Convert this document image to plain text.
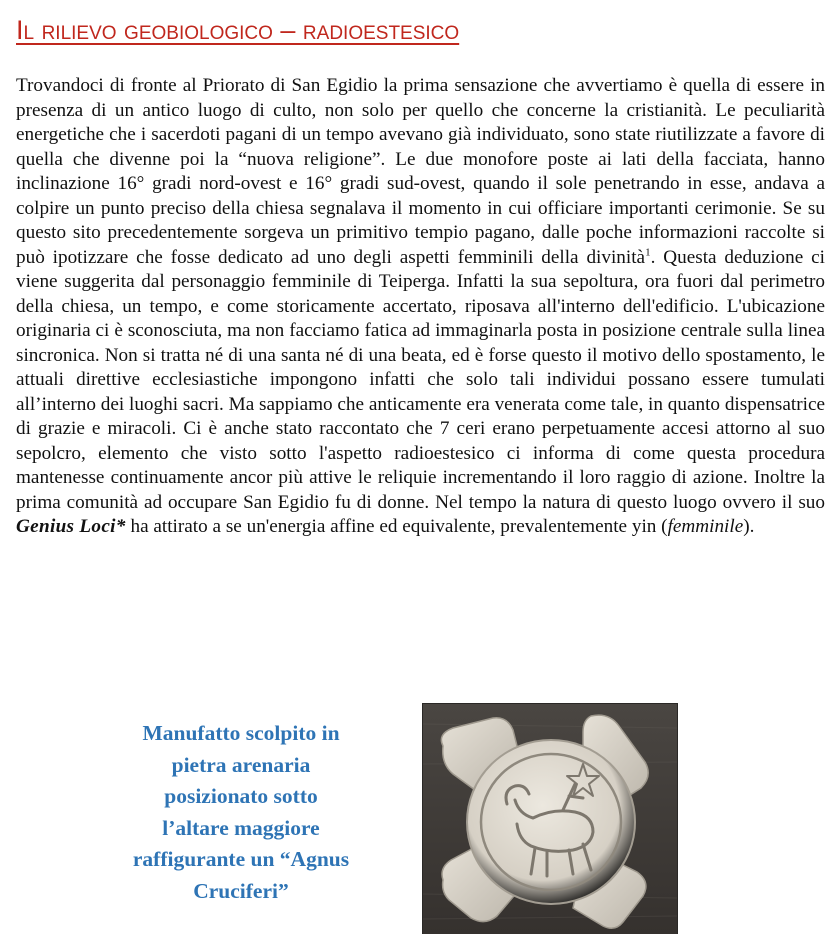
Il rilievo geobiologico – radioestesico

Trovandoci di fronte al Priorato di San Egidio la prima sensazione che avvertiamo è quella di essere in presenza di un antico luogo di culto, non solo per quello che concerne la cristianità. Le peculiarità energetiche che i sacerdoti pagani di un tempo avevano già individuato, sono state riutilizzate a favore di quella che divenne poi la “nuova religione”. Le due monofore poste ai lati della facciata, hanno inclinazione 16° gradi nord-ovest e 16° gradi sud-ovest, quando il sole penetrando in esse, andava a colpire un punto preciso della chiesa segnalava il momento in cui officiare importanti cerimonie. Se su questo sito precedentemente sorgeva un primitivo tempio pagano, dalle poche informazioni raccolte si può ipotizzare che fosse dedicato ad uno degli aspetti femminili della divinità$^1$. Questa deduzione ci viene suggerita dal personaggio femminile di Teiperga. Infatti la sua sepoltura, ora fuori dal perimetro della chiesa, un tempo, e come storicamente accertato, riposava all'interno dell'edificio. L'ubicazione originaria ci è sconosciuta, ma non facciamo fatica ad immaginarla posta in posizione centrale sulla linea sincronica. Non si tratta né di una santa né di una beata, ed è forse questo il motivo dello spostamento, le attuali direttive ecclesiastiche impongono infatti che solo tali individui possano essere tumulati all’interno dei luoghi sacri. Ma sappiamo che anticamente era venerata come tale, in quanto dispensatrice di grazie e miracoli. Ci è anche stato raccontato che 7 ceri erano perpetuamente accesi attorno al suo sepolcro, elemento che visto sotto l'aspetto radioestesico ci informa di come questa procedura mantenesse continuamente ancor più attive le reliquie incrementando il loro raggio di azione. Inoltre la prima comunità ad occupare San Egidio fu di donne. Nel tempo la natura di questo luogo ovvero il suo Genius Loci* ha attirato a se un'energia affine ed equivalente, prevalentemente yin (femminile).

Manufatto scolpito in
pietra arenaria
posizionato sotto
l’altare maggiore
raffigurante un “Agnus
Cruciferi”
